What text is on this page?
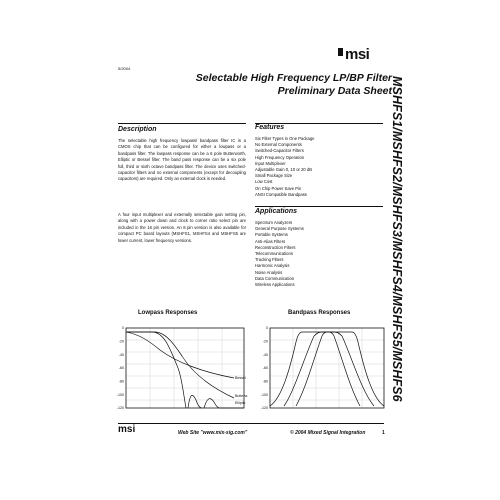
msi
5/2004
Selectable High Frequency LP/BP Filter
Preliminary Data Sheet
MSHFS1/MSHFS2/MSHFS3/MSHFS4/MSHFS5/MSHFS6
Description
The selectable high frequency lowpass/ bandpass filter IC is a CMOS chip that can be configured for either a lowpass or a bandpass filter. The lowpass response can be a 6 pole Butterworth, Elliptic or Bessel filter. The band pass response can be a six pole full, third or sixth octave bandpass filter. The device uses switched-capacitor filters and no external components (except for decoupling capacitors) are required. Only an external clock is needed.
A four input multiplexer and externally selectable gain setting pin, along with a power down and clock to corner ratio select pin are included in the 16 pin version. An 8 pin version is also available for compact PC board layouts (MSHFS1, MSHFS4 and MSHFS5 are lower current, lower frequency versions.
Features
Six Filter Types in One Package
No External Components
Switched-Capacitor Filters
High Frequency Operation
Input Multiplexer
Adjustable Gain 0, 10 or 20 dB
Small Package Size
Low Cost
On Chip Power Save Pin
ANSI Compatible Bandpass
Applications
Spectrum Analyzers
General Purpose Systems
Portable Systems
Anti-Alias Filters
Reconstruction Filters
Telecommunications
Tracking Filters
Harmonic Analysis
Noise Analysis
Data Communication
Wireless Applications
Lowpass Responses
0
-20
-40
-60
-80
-100
-120
Bessel
Butterw.
Elliptic
Bandpass Responses
0
-20
-40
-60
-80
-100
-120
msi	Web Site "www.mix-sig.com"	© 2004 Mixed Signal Integration	1
